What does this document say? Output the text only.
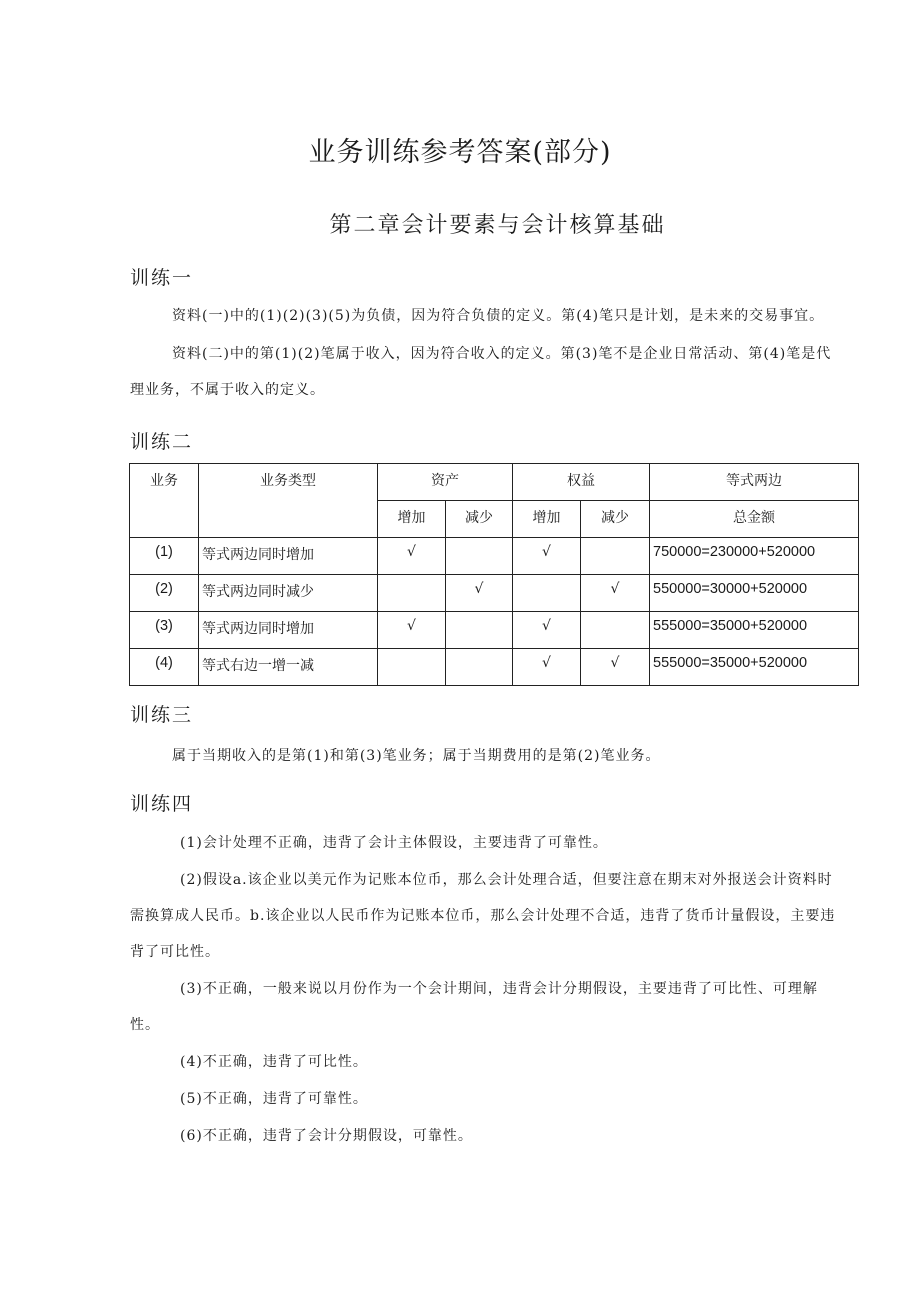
业务训练参考答案(部分)
第二章会计要素与会计核算基础
训练一
资料(一)中的(1)(2)(3)(5)为负债，因为符合负债的定义。第(4)笔只是计划，是未来的交易事宜。
资料(二)中的第(1)(2)笔属于收入，因为符合收入的定义。第(3)笔不是企业日常活动、第(4)笔是代
理业务，不属于收入的定义。
训练二
业务	业务类型	资产		权益		等式两边
		增加	减少	增加	减少	总金额
(1)	等式两边同时增加	√		√		750000=230000+520000
(2)	等式两边同时减少		√		√	550000=30000+520000
(3)	等式两边同时增加	√		√		555000=35000+520000
(4)	等式右边一增一减			√	√	555000=35000+520000
训练三
属于当期收入的是第(1)和第(3)笔业务；属于当期费用的是第(2)笔业务。
训练四
(1)会计处理不正确，违背了会计主体假设，主要违背了可靠性。
(2)假设a.该企业以美元作为记账本位币，那么会计处理合适，但要注意在期末对外报送会计资料时
需换算成人民币。b.该企业以人民币作为记账本位币，那么会计处理不合适，违背了货币计量假设，主要违
背了可比性。
(3)不正确，一般来说以月份作为一个会计期间，违背会计分期假设，主要违背了可比性、可理解
性。
(4)不正确，违背了可比性。
(5)不正确，违背了可靠性。
(6)不正确，违背了会计分期假设，可靠性。
